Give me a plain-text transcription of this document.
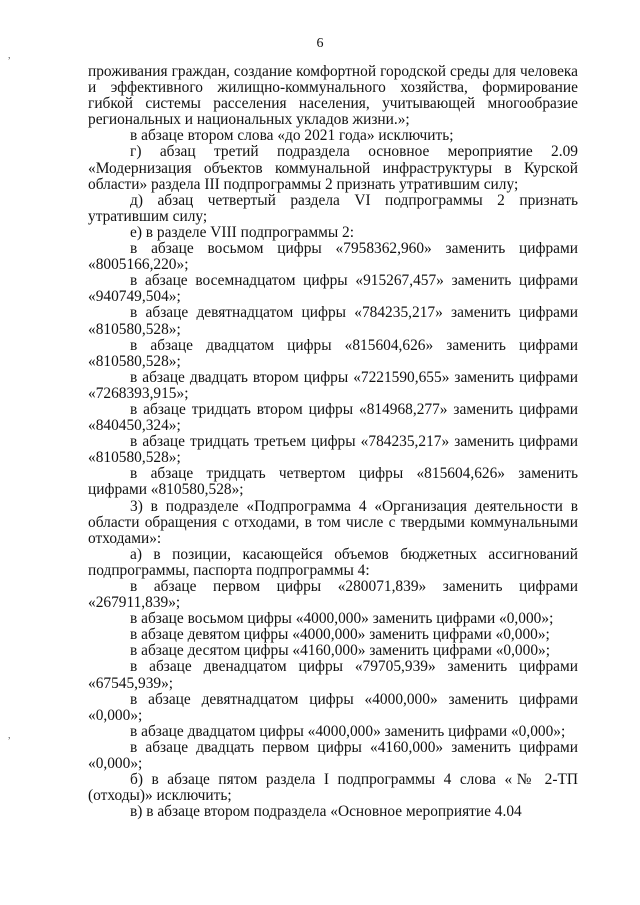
6
,
,

проживания граждан, создание комфортной городской среды для человека и эффективного жилищно-коммунального хозяйства, формирование гибкой системы расселения населения, учитывающей многообразие региональных и национальных укладов жизни.»;

в абзаце втором слова «до 2021 года» исключить;

г) абзац третий подраздела основное мероприятие 2.09 «Модернизация объектов коммунальной инфраструктуры в Курской области» раздела III подпрограммы 2 признать утратившим силу;

д) абзац четвертый раздела VI подпрограммы 2 признать утратившим силу;

е) в разделе VIII подпрограммы 2:

в абзаце восьмом цифры «7958362,960» заменить цифрами «8005166,220»;

в абзаце восемнадцатом цифры «915267,457» заменить цифрами «940749,504»;

в абзаце девятнадцатом цифры «784235,217» заменить цифрами «810580,528»;

в абзаце двадцатом цифры «815604,626» заменить цифрами «810580,528»;

в абзаце двадцать втором цифры «7221590,655» заменить цифрами «7268393,915»;

в абзаце тридцать втором цифры «814968,277» заменить цифрами «840450,324»;

в абзаце тридцать третьем цифры «784235,217» заменить цифрами «810580,528»;

в абзаце тридцать четвертом цифры «815604,626» заменить цифрами «810580,528»;

3) в подразделе «Подпрограмма 4 «Организация деятельности в области обращения с отходами, в том числе с твердыми коммунальными отходами»:

а) в позиции, касающейся объемов бюджетных ассигнований подпрограммы, паспорта подпрограммы 4:

в абзаце первом цифры «280071,839» заменить цифрами «267911,839»;

в абзаце восьмом цифры «4000,000» заменить цифрами «0,000»;

в абзаце девятом цифры «4000,000» заменить цифрами «0,000»;

в абзаце десятом цифры «4160,000» заменить цифрами «0,000»;

в абзаце двенадцатом цифры «79705,939» заменить цифрами «67545,939»;

в абзаце девятнадцатом цифры «4000,000» заменить цифрами «0,000»;

в абзаце двадцатом цифры «4000,000» заменить цифрами «0,000»;

в абзаце двадцать первом цифры «4160,000» заменить цифрами «0,000»;

б) в абзаце пятом раздела I подпрограммы 4 слова «№ 2-ТП (отходы)» исключить;

в) в абзаце втором подраздела «Основное мероприятие 4.04
